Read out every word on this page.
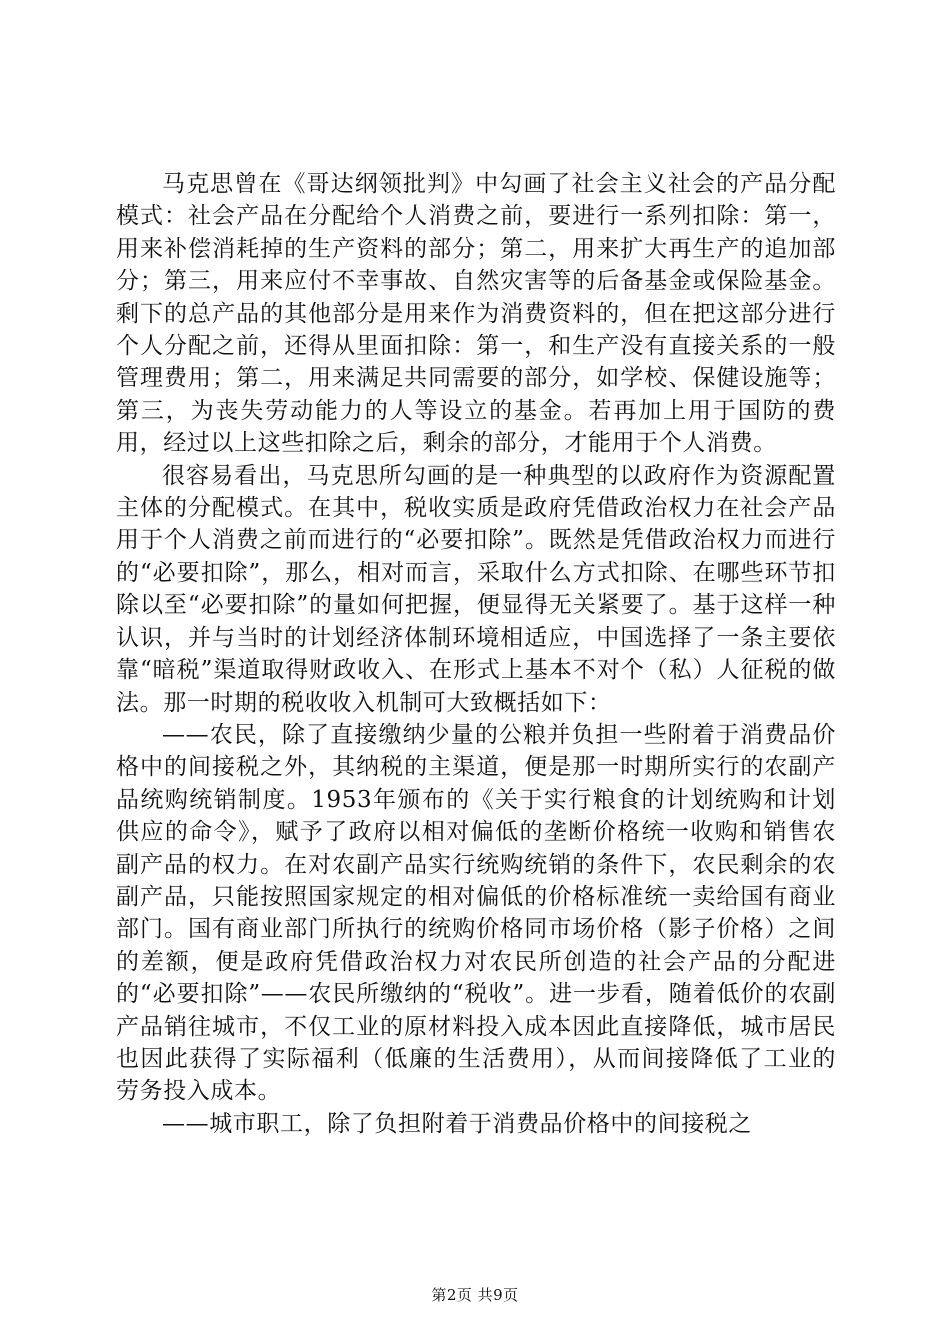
马克思曾在《哥达纲领批判》中勾画了社会主义社会的产品分配模式：社会产品在分配给个人消费之前，要进行一系列扣除：第一，用来补偿消耗掉的生产资料的部分；第二，用来扩大再生产的追加部分；第三，用来应付不幸事故、自然灾害等的后备基金或保险基金。剩下的总产品的其他部分是用来作为消费资料的，但在把这部分进行个人分配之前，还得从里面扣除：第一，和生产没有直接关系的一般管理费用；第二，用来满足共同需要的部分，如学校、保健设施等；第三，为丧失劳动能力的人等设立的基金。若再加上用于国防的费用，经过以上这些扣除之后，剩余的部分，才能用于个人消费。

很容易看出，马克思所勾画的是一种典型的以政府作为资源配置主体的分配模式。在其中，税收实质是政府凭借政治权力在社会产品用于个人消费之前而进行的“必要扣除”。既然是凭借政治权力而进行的“必要扣除”，那么，相对而言，采取什么方式扣除、在哪些环节扣除以至“必要扣除”的量如何把握，便显得无关紧要了。基于这样一种认识，并与当时的计划经济体制环境相适应，中国选择了一条主要依靠“暗税”渠道取得财政收入、在形式上基本不对个（私）人征税的做法。那一时期的税收收入机制可大致概括如下：

——农民，除了直接缴纳少量的公粮并负担一些附着于消费品价格中的间接税之外，其纳税的主渠道，便是那一时期所实行的农副产品统购统销制度。1953年颁布的《关于实行粮食的计划统购和计划供应的命令》，赋予了政府以相对偏低的垄断价格统一收购和销售农副产品的权力。在对农副产品实行统购统销的条件下，农民剩余的农副产品，只能按照国家规定的相对偏低的价格标准统一卖给国有商业部门。国有商业部门所执行的统购价格同市场价格（影子价格）之间的差额，便是政府凭借政治权力对农民所创造的社会产品的分配进的“必要扣除”——农民所缴纳的“税收”。进一步看，随着低价的农副产品销往城市，不仅工业的原材料投入成本因此直接降低，城市居民也因此获得了实际福利（低廉的生活费用），从而间接降低了工业的劳务投入成本。

——城市职工，除了负担附着于消费品价格中的间接税之

第2页 共9页
